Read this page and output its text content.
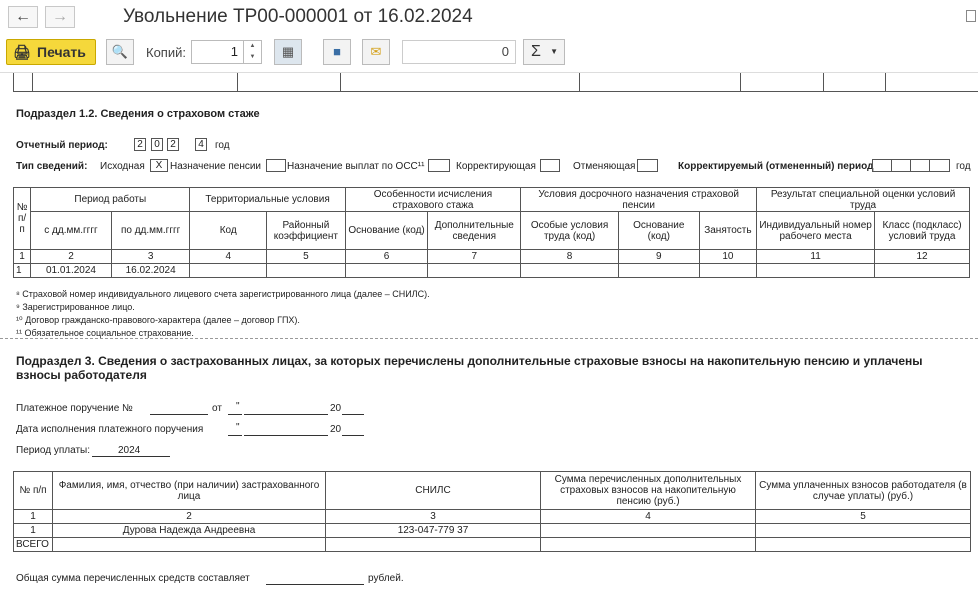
←	→	Увольнение ТР00-000001 от 16.02.2024
🖨 Печать	🔍	Копий:	1	▲
▼	▦	■	✉	0	Σ ▼

Подраздел 1.2. Сведения о страховом стаже
Отчетный период:	2	0	2	4	год
Тип сведений: Исходная	X Назначение пенсии	Назначение выплат по ОСС¹¹	Корректирующая	Отменяющая	Корректируемый (отмененный) период	год
№ п/п	Период работы		Территориальные условия		Особенности исчисления страхового стажа		Условия досрочного назначения страховой пенсии			Результат специальной оценки условий труда	
	с дд.мм.гггг	по дд.мм.гггг	Код	Районный коэффициент	Основание (код)	Дополнительные сведения	Особые условия труда (код)	Основание (код)	Занятость	Индивидуальный номер рабочего места	Класс (подкласс) условий труда
1	2	3	4	5	6	7	8	9	10	11	12
1	01.01.2024	16.02.2024									
⁸ Страховой номер индивидуального лицевого счета зарегистрированного лица (далее – СНИЛС).
⁹ Зарегистрированное лицо.
¹⁰ Договор гражданско-правового-характера (далее – договор ГПХ).
¹¹ Обязательное социальное страхование.
Подраздел 3. Сведения о застрахованных лицах, за которых перечислены дополнительные страховые взносы на накопительную пенсию и уплачены взносы работодателя
Платежное поручение №	от "	20
Дата исполнения платежного поручения	"	20
Период уплаты:	2024
№ п/п	Фамилия, имя, отчество (при наличии) застрахованного лица	СНИЛС	Сумма перечисленных дополнительных страховых взносов на накопительную пенсию (руб.)	Сумма уплаченных взносов работодателя (в случае уплаты) (руб.)
1	2	3	4	5
1	Дурова Надежда Андреевна	123-047-779 37		
ВСЕГО				
Общая сумма перечисленных средств составляет	рублей.
